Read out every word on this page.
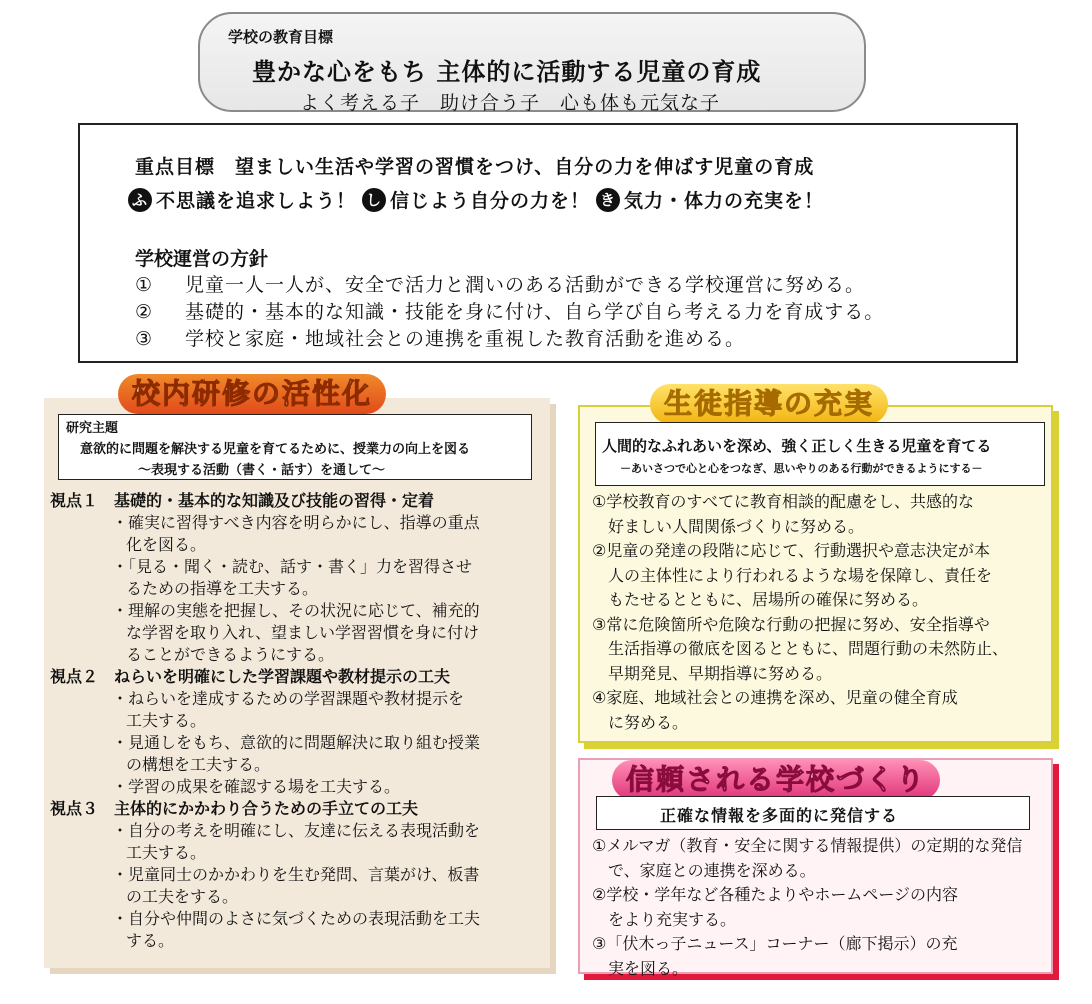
学校の教育目標
豊かな心をもち 主体的に活動する児童の育成
よく考える子　助け合う子　心も体も元気な子
重点目標　望ましい生活や学習の習慣をつけ、自分の力を伸ばす児童の育成
ふ 不思議を追求しよう！ し 信じよう自分の力を！ き 気力・体力の充実を！
学校運営の方針
① 児童一人一人が、安全で活力と潤いのある活動ができる学校運営に努める。
② 基礎的・基本的な知識・技能を身に付け、自ら学び自ら考える力を育成する。
③ 学校と家庭・地域社会との連携を重視した教育活動を進める。
校内研修の活性化
研究主題
意欲的に問題を解決する児童を育てるために、授業力の向上を図る
～表現する活動（書く・話す）を通して～
視点１　基礎的・基本的な知識及び技能の習得・定着
・確実に習得すべき内容を明らかにし、指導の重点
化を図る。
・「見る・聞く・読む、話す・書く」力を習得させ
るための指導を工夫する。
・理解の実態を把握し、その状況に応じて、補充的
な学習を取り入れ、望ましい学習習慣を身に付け
ることができるようにする。
視点２　ねらいを明確にした学習課題や教材提示の工夫
・ねらいを達成するための学習課題や教材提示を
工夫する。
・見通しをもち、意欲的に問題解決に取り組む授業
の構想を工夫する。
・学習の成果を確認する場を工夫する。
視点３　主体的にかかわり合うための手立ての工夫
・自分の考えを明確にし、友達に伝える表現活動を
工夫する。
・児童同士のかかわりを生む発問、言葉がけ、板書
の工夫をする。
・自分や仲間のよさに気づくための表現活動を工夫
する。
生徒指導の充実
人間的なふれあいを深め、強く正しく生きる児童を育てる
－あいさつで心と心をつなぎ、思いやりのある行動ができるようにする－
①学校教育のすべてに教育相談的配慮をし、共感的な
　好ましい人間関係づくりに努める。
②児童の発達の段階に応じて、行動選択や意志決定が本
　人の主体性により行われるような場を保障し、責任を
　もたせるとともに、居場所の確保に努める。
③常に危険箇所や危険な行動の把握に努め、安全指導や
　生活指導の徹底を図るとともに、問題行動の未然防止、
　早期発見、早期指導に努める。
④家庭、地域社会との連携を深め、児童の健全育成
　に努める。
信頼される学校づくり
正確な情報を多面的に発信する
①メルマガ（教育・安全に関する情報提供）の定期的な発信
　で、家庭との連携を深める。
②学校・学年など各種たよりやホームページの内容
　をより充実する。
③「伏木っ子ニュース」コーナー（廊下掲示）の充
　実を図る。
